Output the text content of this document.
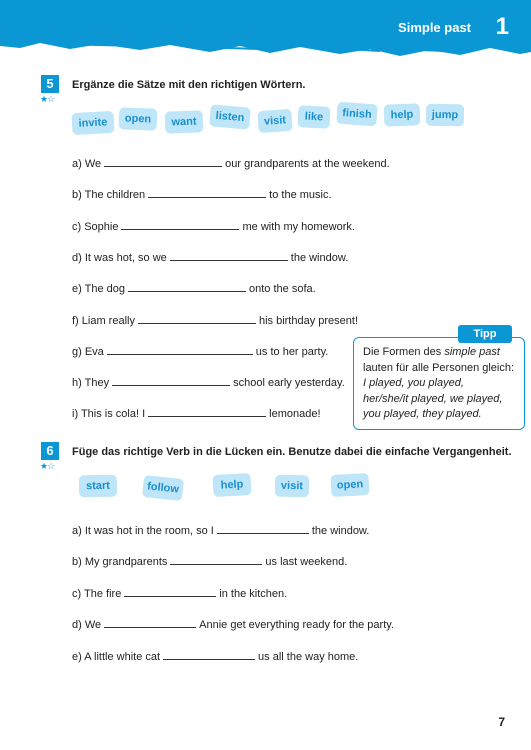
Simple past 1
5
★☆
Ergänze die Sätze mit den richtigen Wörtern.
invite	open	want	listen	visit	like	finish	help	jump
a) We	our grandparents at the weekend.
b) The children	to the music.
c) Sophie	me with my homework.
d) It was hot, so we	the window.
e) The dog	onto the sofa.
f) Liam really	his birthday present!
g) Eva	us to her party.
h) They	school early yesterday.
i) This is cola! I	lemonade!
Tipp
Die Formen des simple past
lauten für alle Personen gleich:
I played, you played,
her/she/it played, we played,
you played, they played.
6
★☆
Füge das richtige Verb in die Lücken ein. Benutze dabei die einfache Vergangenheit.
start	follow	help	visit	open
a) It was hot in the room, so I	the window.
b) My grandparents	us last weekend.
c) The fire	in the kitchen.
d) We	Annie get everything ready for the party.
e) A little white cat	us all the way home.
7
